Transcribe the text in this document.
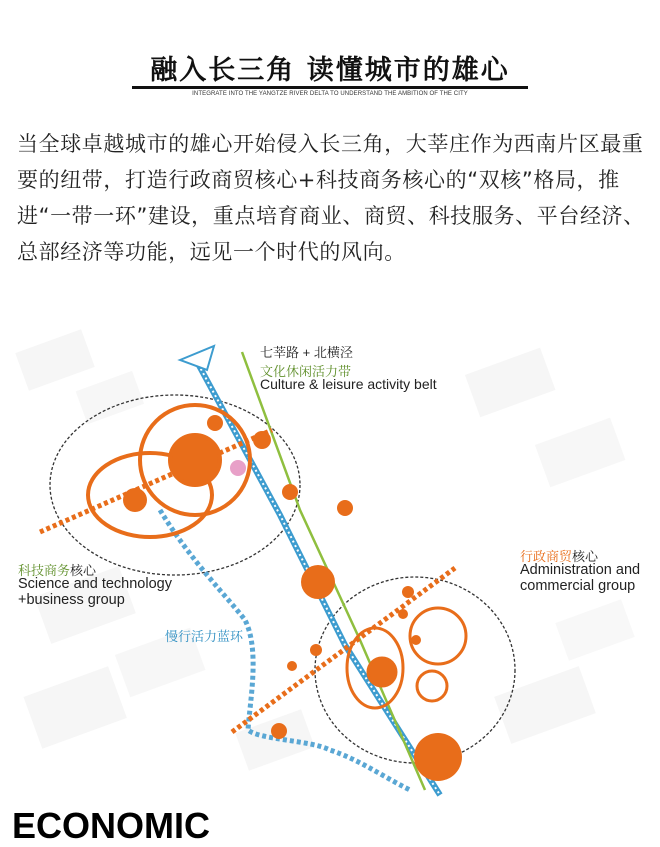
融入长三角 读懂城市的雄心
INTEGRATE INTO THE YANGTZE RIVER DELTA TO UNDERSTAND THE AMBITION OF THE CITY
当全球卓越城市的雄心开始侵入长三角，大莘庄作为西南片区最重要的纽带，打造行政商贸核心+科技商务核心的“双核”格局，推进“一带一环”建设，重点培育商业、商贸、科技服务、平台经济、总部经济等功能，远见一个时代的风向。
七莘路 + 北横泾
文化休闲活力带
Culture & leisure activity belt
科技商务核心
Science and technology
+business group
行政商贸核心
Administration and
commercial group
慢行活力蓝环
ECONOMIC
